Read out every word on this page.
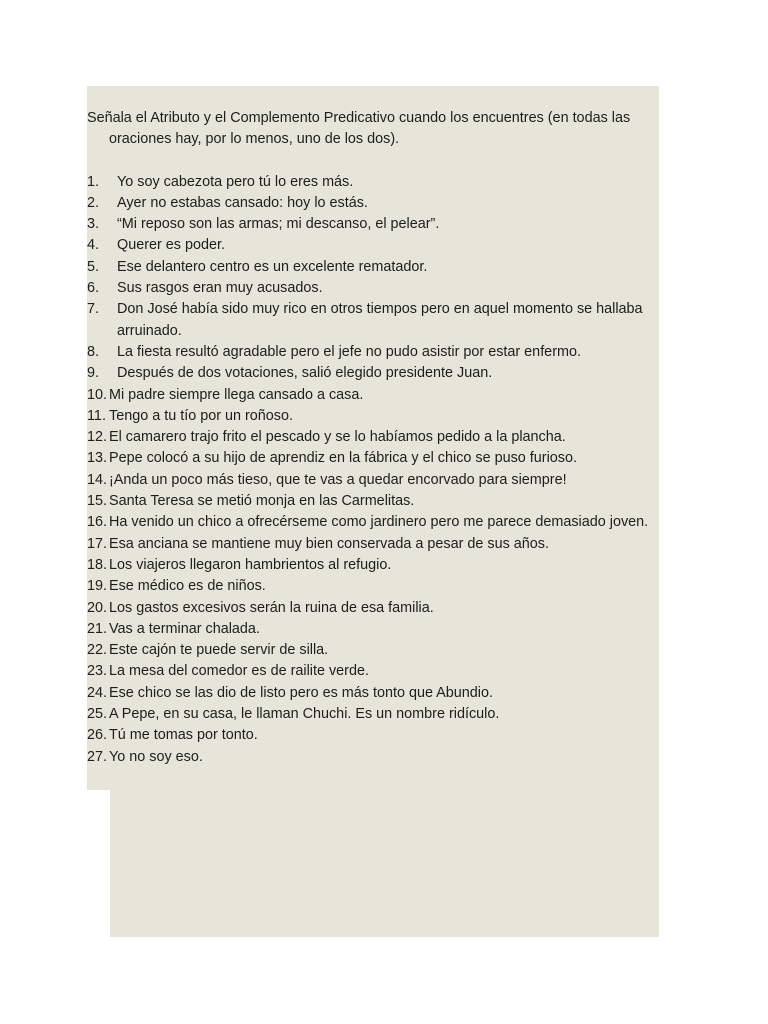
Señala el Atributo y el Complemento Predicativo cuando los encuentres (en todas las oraciones hay, por lo menos, uno de los dos).

1. Yo soy cabezota pero tú lo eres más.
2. Ayer no estabas cansado: hoy lo estás.
3. “Mi reposo son las armas; mi descanso, el pelear”.
4. Querer es poder.
5. Ese delantero centro es un excelente rematador.
6. Sus rasgos eran muy acusados.
7. Don José había sido muy rico en otros tiempos pero en aquel momento se hallaba arruinado.
8. La fiesta resultó agradable pero el jefe no pudo asistir por estar enfermo.
9. Después de dos votaciones, salió elegido presidente Juan.
10. Mi padre siempre llega cansado a casa.
11. Tengo a tu tío por un roñoso.
12. El camarero trajo frito el pescado y se lo habíamos pedido a la plancha.
13. Pepe colocó a su hijo de aprendiz en la fábrica y el chico se puso furioso.
14. ¡Anda un poco más tieso, que te vas a quedar encorvado para siempre!
15. Santa Teresa se metió monja en las Carmelitas.
16. Ha venido un chico a ofrecérseme como jardinero pero me parece demasiado joven.
17. Esa anciana se mantiene muy bien conservada a pesar de sus años.
18. Los viajeros llegaron hambrientos al refugio.
19. Ese médico es de niños.
20. Los gastos excesivos serán la ruina de esa familia.
21. Vas a terminar chalada.
22. Este cajón te puede servir de silla.
23. La mesa del comedor es de railite verde.
24. Ese chico se las dio de listo pero es más tonto que Abundio.
25. A Pepe, en su casa, le llaman Chuchi. Es un nombre ridículo.
26. Tú me tomas por tonto.
27. Yo no soy eso.
